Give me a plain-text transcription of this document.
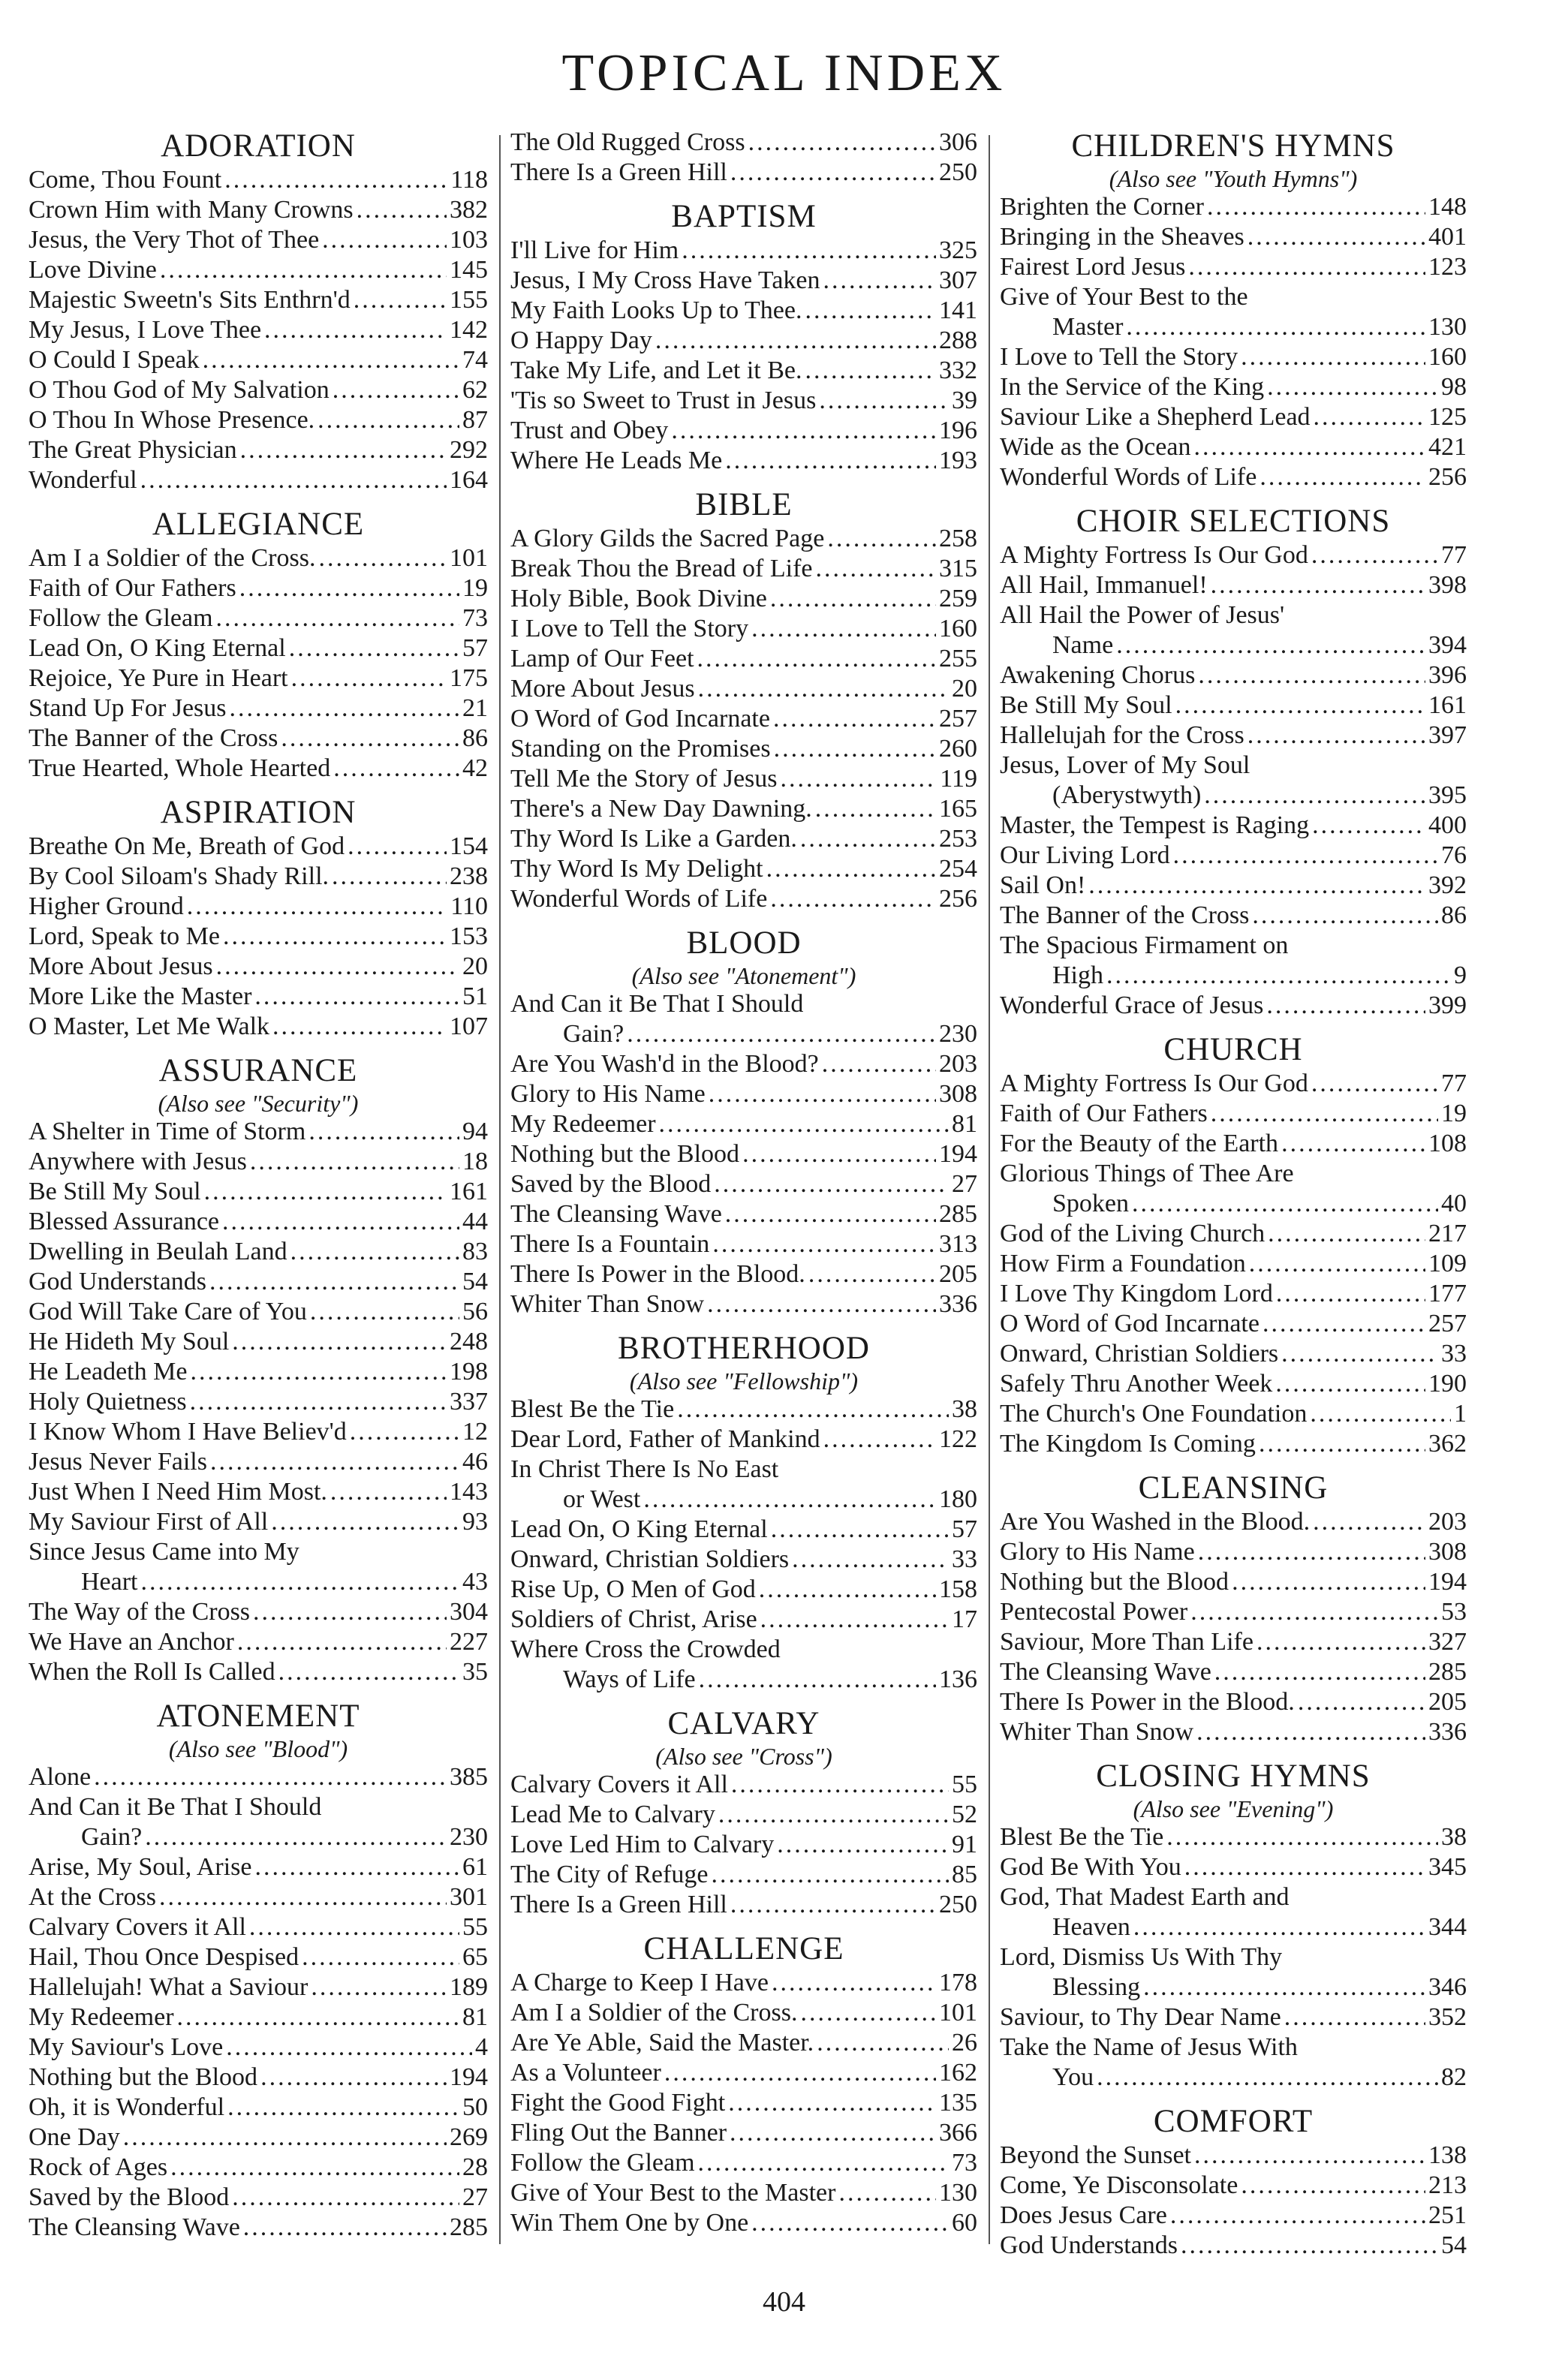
TOPICAL INDEX
ADORATION
Come, Thou Fount .....	118
Crown Him with Many Crowns .....	382
Jesus, the Very Thot of Thee .....	103
Love Divine .....	145
Majestic Sweetn's Sits Enthrn'd .....	155
My Jesus, I Love Thee .....	142
O Could I Speak .....	74
O Thou God of My Salvation .....	62
O Thou In Whose Presence. .....	87
The Great Physician .....	292
Wonderful .....	164
ALLEGIANCE
Am I a Soldier of the Cross. .....	101
Faith of Our Fathers .....	19
Follow the Gleam .....	73
Lead On, O King Eternal .....	57
Rejoice, Ye Pure in Heart .....	175
Stand Up For Jesus .....	21
The Banner of the Cross .....	86
True Hearted, Whole Hearted .....	42
ASPIRATION
Breathe On Me, Breath of God .....	154
By Cool Siloam's Shady Rill. .....	238
Higher Ground .....	110
Lord, Speak to Me .....	153
More About Jesus .....	20
More Like the Master .....	51
O Master, Let Me Walk .....	107
ASSURANCE
(Also see "Security")
A Shelter in Time of Storm .....	94
Anywhere with Jesus .....	18
Be Still My Soul .....	161
Blessed Assurance .....	44
Dwelling in Beulah Land .....	83
God Understands .....	54
God Will Take Care of You .....	56
He Hideth My Soul .....	248
He Leadeth Me .....	198
Holy Quietness .....	337
I Know Whom I Have Believ'd .....	12
Jesus Never Fails .....	46
Just When I Need Him Most. .....	143
My Saviour First of All .....	93
Since Jesus Came into My
Heart .....	43
The Way of the Cross .....	304
We Have an Anchor .....	227
When the Roll Is Called .....	35
ATONEMENT
(Also see "Blood")
Alone .....	385
And Can it Be That I Should
Gain? .....	230
Arise, My Soul, Arise .....	61
At the Cross .....	301
Calvary Covers it All .....	55
Hail, Thou Once Despised .....	65
Hallelujah! What a Saviour .....	189
My Redeemer .....	81
My Saviour's Love .....	4
Nothing but the Blood .....	194
Oh, it is Wonderful .....	50
One Day .....	269
Rock of Ages .....	28
Saved by the Blood .....	27
The Cleansing Wave .....	285
The Old Rugged Cross .....	306
There Is a Green Hill .....	250
BAPTISM
I'll Live for Him .....	325
Jesus, I My Cross Have Taken .....	307
My Faith Looks Up to Thee. .....	141
O Happy Day .....	288
Take My Life, and Let it Be. .....	332
'Tis so Sweet to Trust in Jesus .....	39
Trust and Obey .....	196
Where He Leads Me .....	193
BIBLE
A Glory Gilds the Sacred Page .....	258
Break Thou the Bread of Life .....	315
Holy Bible, Book Divine .....	259
I Love to Tell the Story .....	160
Lamp of Our Feet .....	255
More About Jesus .....	20
O Word of God Incarnate .....	257
Standing on the Promises .....	260
Tell Me the Story of Jesus .....	119
There's a New Day Dawning. .....	165
Thy Word Is Like a Garden. .....	253
Thy Word Is My Delight .....	254
Wonderful Words of Life .....	256
BLOOD
(Also see "Atonement")
And Can it Be That I Should
Gain? .....	230
Are You Wash'd in the Blood? .....	203
Glory to His Name .....	308
My Redeemer .....	81
Nothing but the Blood .....	194
Saved by the Blood .....	27
The Cleansing Wave .....	285
There Is a Fountain .....	313
There Is Power in the Blood. .....	205
Whiter Than Snow .....	336
BROTHERHOOD
(Also see "Fellowship")
Blest Be the Tie .....	38
Dear Lord, Father of Mankind .....	122
In Christ There Is No East
or West .....	180
Lead On, O King Eternal .....	57
Onward, Christian Soldiers .....	33
Rise Up, O Men of God .....	158
Soldiers of Christ, Arise .....	17
Where Cross the Crowded
Ways of Life .....	136
CALVARY
(Also see "Cross")
Calvary Covers it All .....	55
Lead Me to Calvary .....	52
Love Led Him to Calvary .....	91
The City of Refuge .....	85
There Is a Green Hill .....	250
CHALLENGE
A Charge to Keep I Have .....	178
Am I a Soldier of the Cross. .....	101
Are Ye Able, Said the Master. .....	26
As a Volunteer .....	162
Fight the Good Fight .....	135
Fling Out the Banner .....	366
Follow the Gleam .....	73
Give of Your Best to the Master .....	130
Win Them One by One .....	60
CHILDREN'S HYMNS
(Also see "Youth Hymns")
Brighten the Corner .....	148
Bringing in the Sheaves .....	401
Fairest Lord Jesus .....	123
Give of Your Best to the
Master .....	130
I Love to Tell the Story .....	160
In the Service of the King .....	98
Saviour Like a Shepherd Lead .....	125
Wide as the Ocean .....	421
Wonderful Words of Life .....	256
CHOIR SELECTIONS
A Mighty Fortress Is Our God .....	77
All Hail, Immanuel! .....	398
All Hail the Power of Jesus'
Name .....	394
Awakening Chorus .....	396
Be Still My Soul .....	161
Hallelujah for the Cross .....	397
Jesus, Lover of My Soul
(Aberystwyth) .....	395
Master, the Tempest is Raging .....	400
Our Living Lord .....	76
Sail On! .....	392
The Banner of the Cross .....	86
The Spacious Firmament on
High .....	9
Wonderful Grace of Jesus .....	399
CHURCH
A Mighty Fortress Is Our God .....	77
Faith of Our Fathers .....	19
For the Beauty of the Earth .....	108
Glorious Things of Thee Are
Spoken .....	40
God of the Living Church .....	217
How Firm a Foundation .....	109
I Love Thy Kingdom Lord .....	177
O Word of God Incarnate .....	257
Onward, Christian Soldiers .....	33
Safely Thru Another Week .....	190
The Church's One Foundation .....	1
The Kingdom Is Coming .....	362
CLEANSING
Are You Washed in the Blood. .....	203
Glory to His Name .....	308
Nothing but the Blood .....	194
Pentecostal Power .....	53
Saviour, More Than Life .....	327
The Cleansing Wave .....	285
There Is Power in the Blood. .....	205
Whiter Than Snow .....	336
CLOSING HYMNS
(Also see "Evening")
Blest Be the Tie .....	38
God Be With You .....	345
God, That Madest Earth and
Heaven .....	344
Lord, Dismiss Us With Thy
Blessing .....	346
Saviour, to Thy Dear Name .....	352
Take the Name of Jesus With
You .....	82
COMFORT
Beyond the Sunset .....	138
Come, Ye Disconsolate .....	213
Does Jesus Care .....	251
God Understands .....	54
404
